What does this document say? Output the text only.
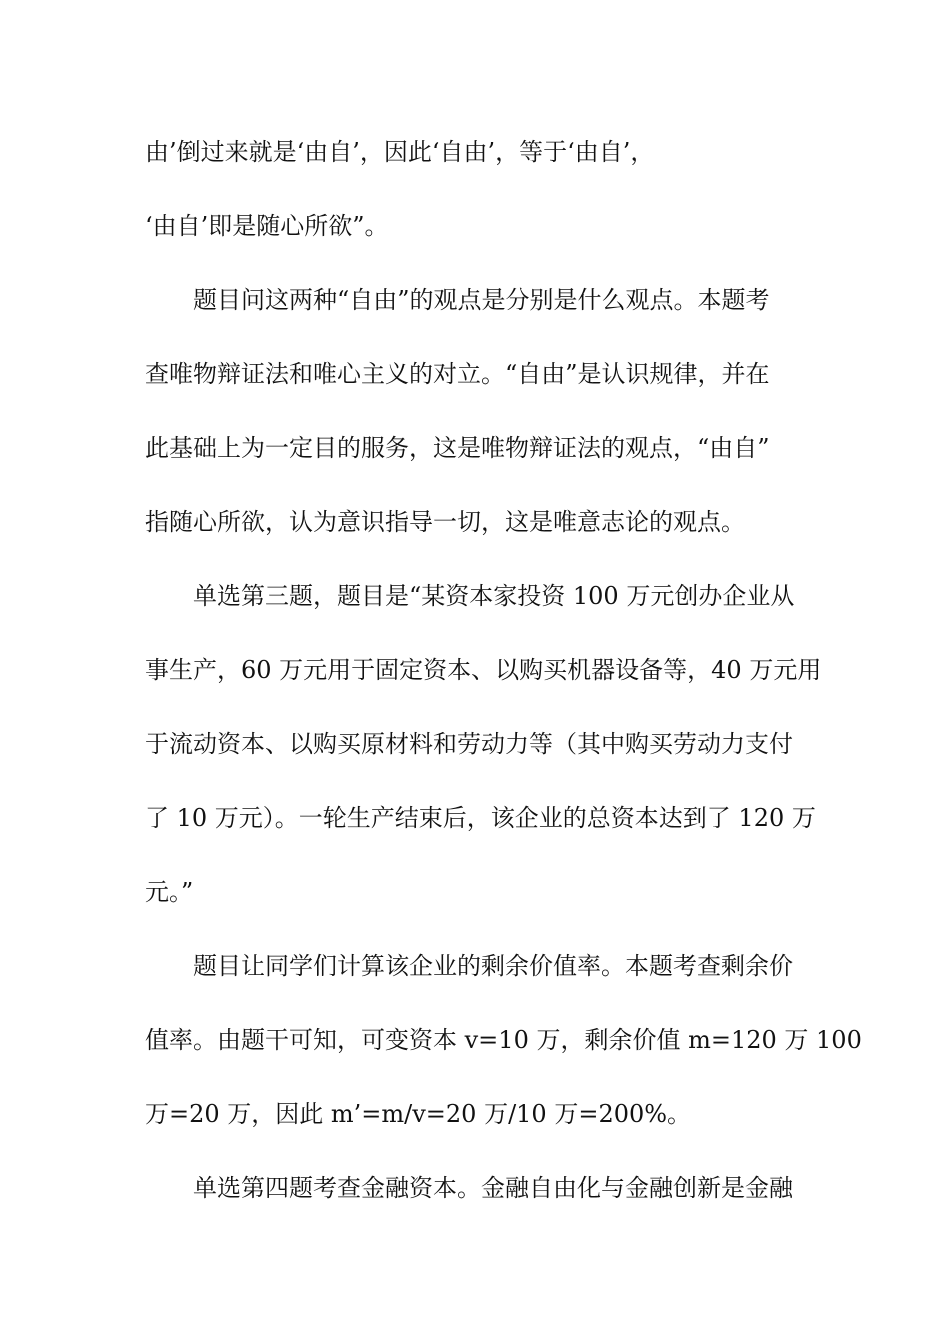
由’倒过来就是‘由自’，因此‘自由’，等于‘由自’，

‘由自’即是随心所欲”。

题目问这两种“自由”的观点是分别是什么观点。本题考

查唯物辩证法和唯心主义的对立。“自由”是认识规律，并在

此基础上为一定目的服务，这是唯物辩证法的观点，“由自”

指随心所欲，认为意识指导一切，这是唯意志论的观点。

单选第三题，题目是“某资本家投资 100 万元创办企业从

事生产，60 万元用于固定资本、以购买机器设备等，40 万元用

于流动资本、以购买原材料和劳动力等（其中购买劳动力支付

了 10 万元）。一轮生产结束后，该企业的总资本达到了 120 万

元。”

题目让同学们计算该企业的剩余价值率。本题考查剩余价

值率。由题干可知，可变资本 v=10 万，剩余价值 m=120 万 100

万=20 万，因此 m’=m/v=20 万/10 万=200%。

单选第四题考查金融资本。金融自由化与金融创新是金融
